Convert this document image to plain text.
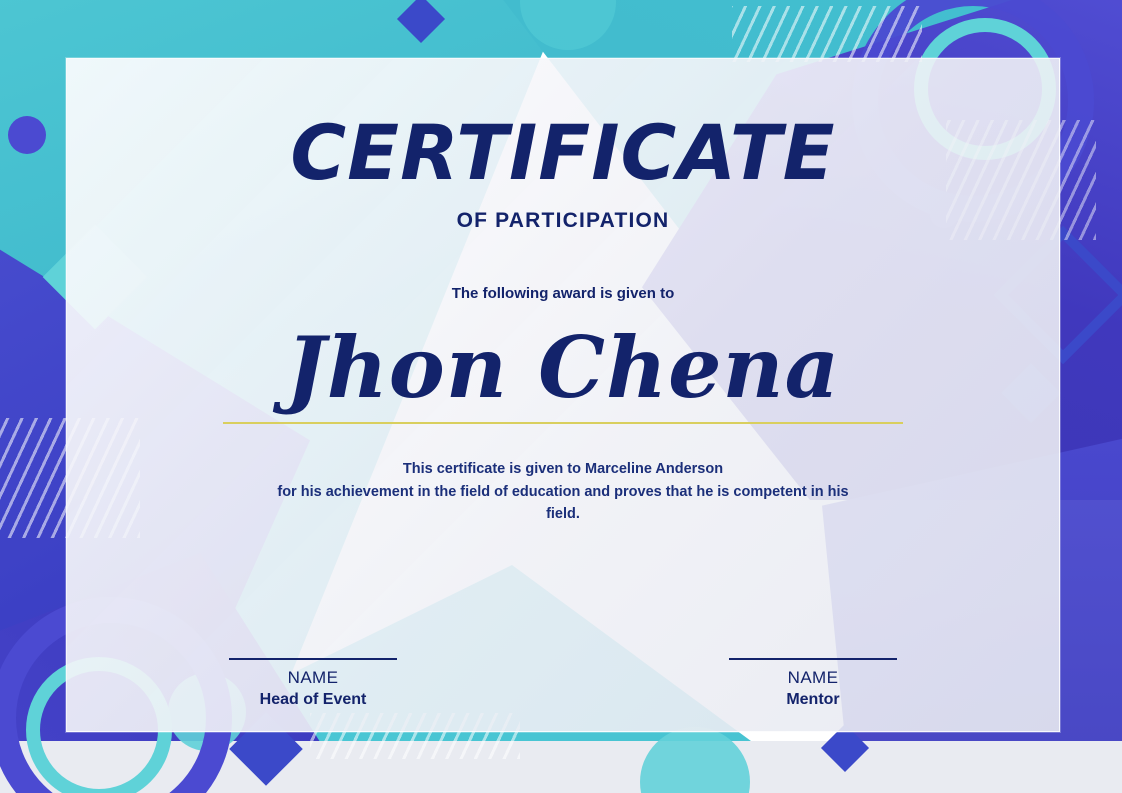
CERTIFICATE
OF PARTICIPATION
The following award is given to
Jhon Chena
This certificate is given to Marceline Anderson
for his achievement in the field of education and proves that he is competent in his
field.
NAME
Head of Event
NAME
Mentor
